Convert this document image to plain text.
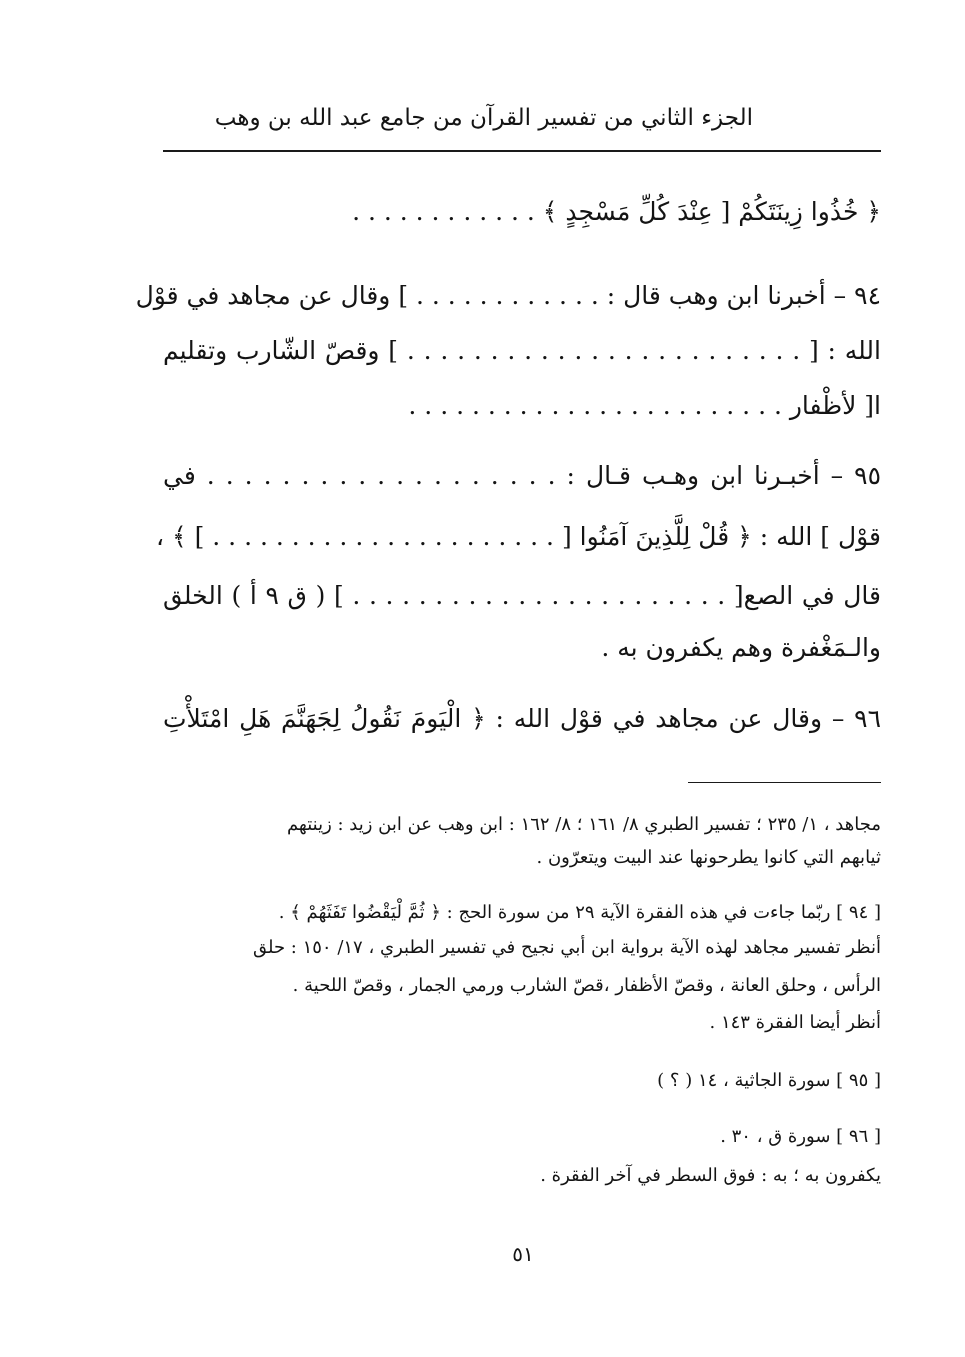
الجزء الثاني من تفسير القرآن من جامع عبد الله بن وهب
﴿ خُذُوا زِينَتَكُمْ [ عِنْدَ كُلِّ مَسْجِدٍ ﴾ . . . . . . . . . . . .
٩٤ – أخبرنا ابن وهب قال : . . . . . . . . . . . . ] وقال عن مجاهد في قوْل
الله : [ . . . . . . . . . . . . . . . . . . . . . . . . ] وقصّ الشّارب وتقليم
ا[ لأظْفار . . . . . . . . . . . . . . . . . . . . . . . .
٩٥ – أخبـرنا ابن وهـب قـال : . . . . . . . . . . . . . . . . . . . في
قوْل ] الله : ﴿ قُلْ لِلَّذِينَ آمَنُوا [ . . . . . . . . . . . . . . . . . . . . . . ] ﴾ ،
قال في الصع[ . . . . . . . . . . . . . . . . . . . . . . . ] ( ق ٩ أ ) الخلق
والـمَغْفرة وهم يكفرون به .
٩٦ – وقال عن مجاهد في قوْل الله : ﴿ الْيَومَ نَقُولُ لِجَهَنَّمَ هَلِ امْتَلأْتِ
مجاهد ، ١/ ٢٣٥ ؛ تفسير الطبري ٨/ ١٦١ ؛ ٨/ ١٦٢ : ابن وهب عن ابن زيد : زينتهم
ثيابهم التي كانوا يطرحونها عند البيت ويتعرّون .
[ ٩٤ ] ربّما جاءت في هذه الفقرة الآية ٢٩ من سورة الحج : ﴿ ثُمَّ لْيَقْضُوا تَفَثَهُمْ ﴾ .
أنظر تفسير مجاهد لهذه الآية برواية ابن أبي نجيح في تفسير الطبري ، ١٧/ ١٥٠ : حلق
الرأس ، وحلق العانة ، وقصّ الأظفار ،قصّ الشارب ورمي الجمار ، وقصّ اللحية .
أنظر أيضا الفقرة ١٤٣ .
[ ٩٥ ] سورة الجاثية ، ١٤ ( ؟ )
[ ٩٦ ] سورة ق ، ٣٠ .
يكفرون به ؛ به : فوق السطر في آخر الفقرة .
٥١
